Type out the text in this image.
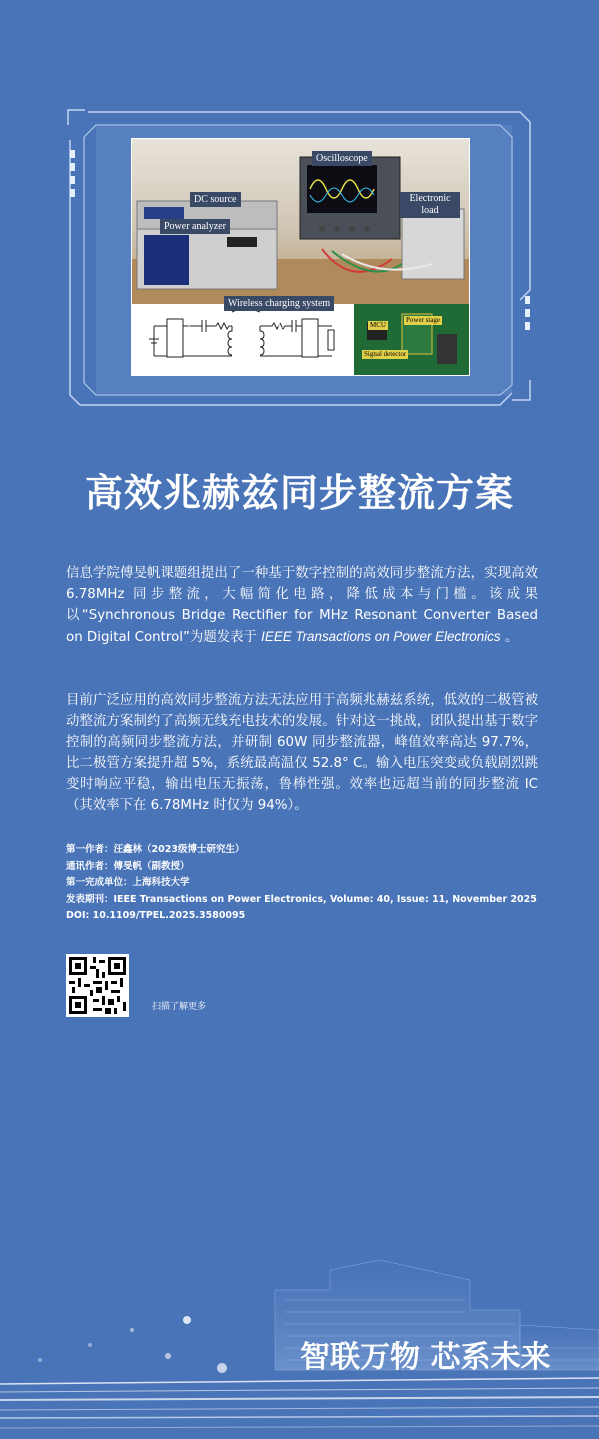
DC source
Oscilloscope
Electronic load
Power analyzer
Wireless charging system
MCU
Power stage
Signal detector
V	C
r
L
k r
C
L
R
Inv	SR
高效兆赫兹同步整流方案
信息学院傅旻帆课题组提出了一种基于数字控制的高效同步整流方法，实现高效 6.78MHz 同步整流，大幅简化电路，降低成本与门槛。该成果 以“Synchronous Bridge Rectifier for MHz Resonant Converter Based on Digital Control”为题发表于 IEEE Transactions on Power Electronics 。
目前广泛应用的高效同步整流方法无法应用于高频兆赫兹系统，低效的二极管被动整流方案制约了高频无线充电技术的发展。针对这一挑战，团队提出基于数字控制的高频同步整流方法，并研制 60W 同步整流器，峰值效率高达 97.7%，比二极管方案提升超 5%，系统最高温仅 52.8° C。输入电压突变或负载剧烈跳变时响应平稳，输出电压无振荡，鲁棒性强。效率也远超当前的同步整流 IC（其效率下在 6.78MHz 时仅为 94%）。
第一作者：汪鑫林（2023级博士研究生）
通讯作者：傅旻帆（副教授）
第一完成单位：上海科技大学
发表期刊：IEEE Transactions on Power Electronics, Volume: 40, Issue: 11, November 2025
DOI: 10.1109/TPEL.2025.3580095
扫描了解更多
智联万物 芯系未来
